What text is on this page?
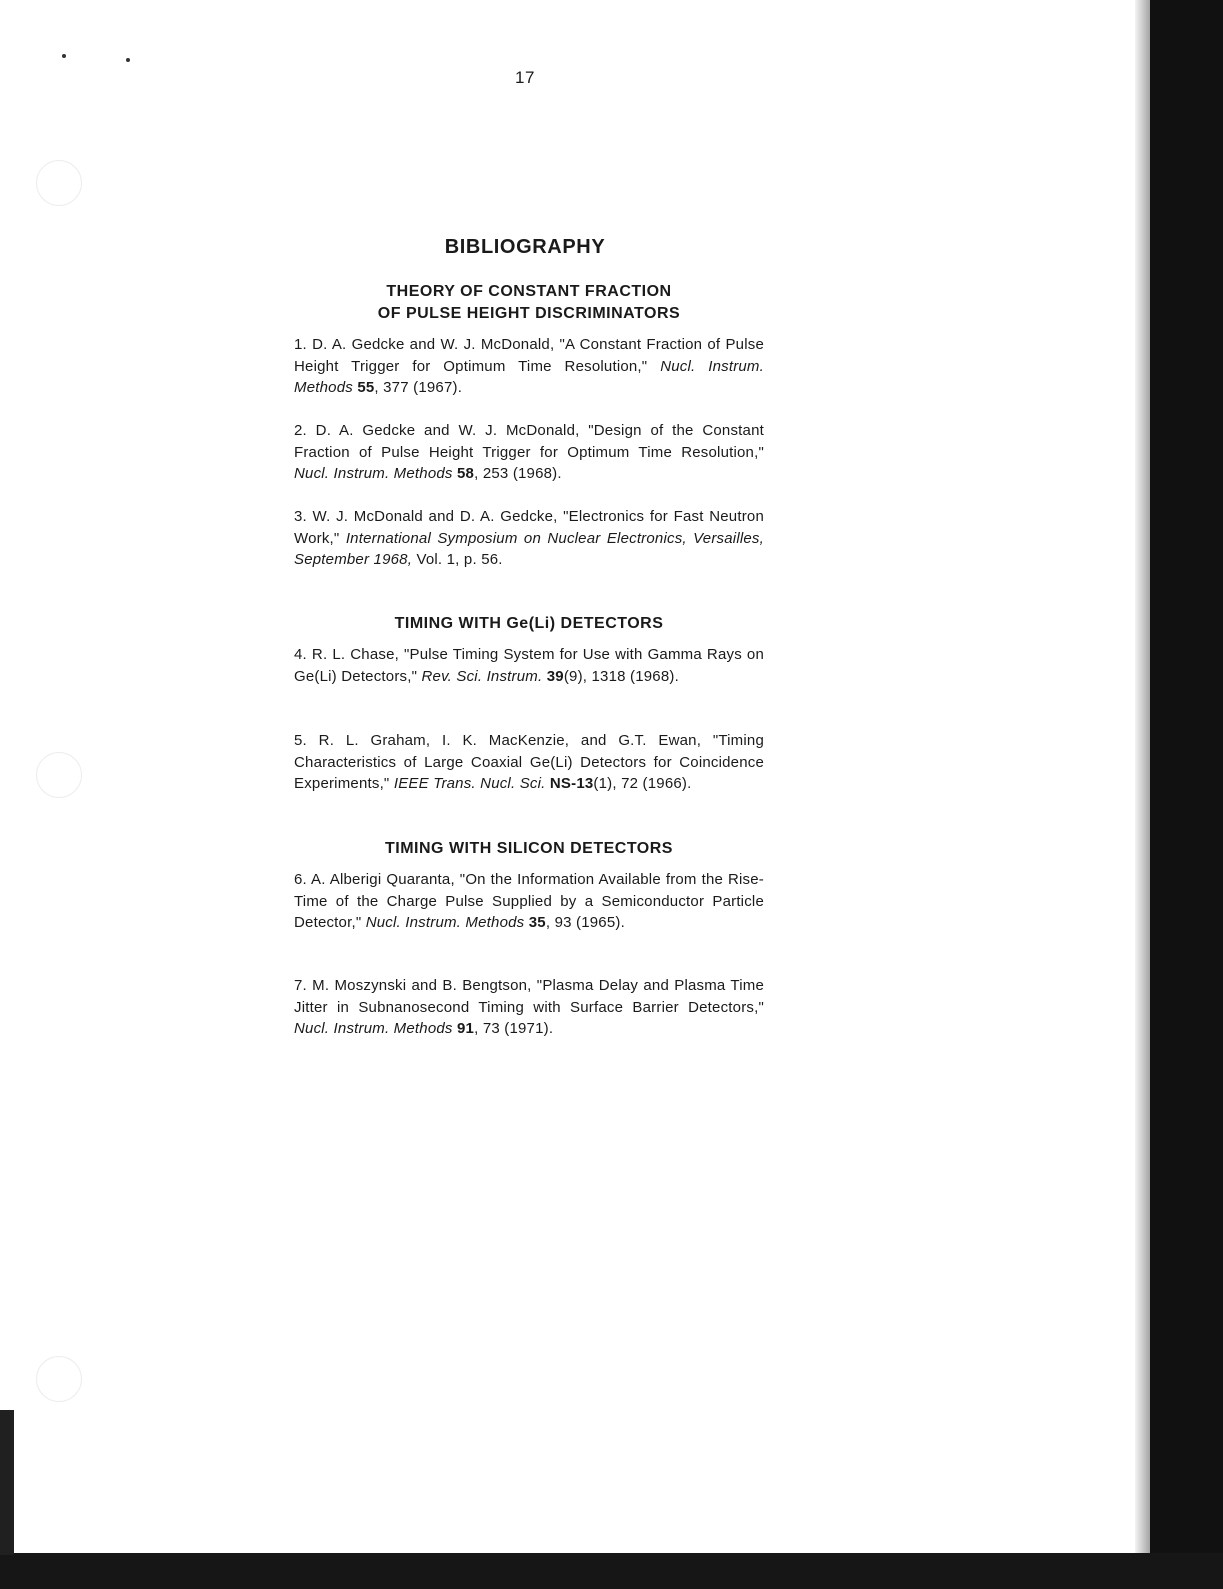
17
BIBLIOGRAPHY
THEORY OF CONSTANT FRACTION
OF PULSE HEIGHT DISCRIMINATORS
1. D. A. Gedcke and W. J. McDonald, "A Constant Fraction of Pulse Height Trigger for Optimum Time Resolution," Nucl. Instrum. Methods 55, 377 (1967).
2. D. A. Gedcke and W. J. McDonald, "Design of the Constant Fraction of Pulse Height Trigger for Optimum Time Resolution," Nucl. Instrum. Methods 58, 253 (1968).
3. W. J. McDonald and D. A. Gedcke, "Electronics for Fast Neutron Work," International Symposium on Nuclear Electronics, Versailles, September 1968, Vol. 1, p. 56.
TIMING WITH Ge(Li) DETECTORS
4. R. L. Chase, "Pulse Timing System for Use with Gamma Rays on Ge(Li) Detectors," Rev. Sci. Instrum. 39(9), 1318 (1968).
5. R. L. Graham, I. K. MacKenzie, and G.T. Ewan, "Timing Characteristics of Large Coaxial Ge(Li) Detectors for Coincidence Experiments," IEEE Trans. Nucl. Sci. NS-13(1), 72 (1966).
TIMING WITH SILICON DETECTORS
6. A. Alberigi Quaranta, "On the Information Available from the Rise-Time of the Charge Pulse Supplied by a Semiconductor Particle Detector," Nucl. Instrum. Methods 35, 93 (1965).
7. M. Moszynski and B. Bengtson, "Plasma Delay and Plasma Time Jitter in Subnanosecond Timing with Surface Barrier Detectors," Nucl. Instrum. Methods 91, 73 (1971).
